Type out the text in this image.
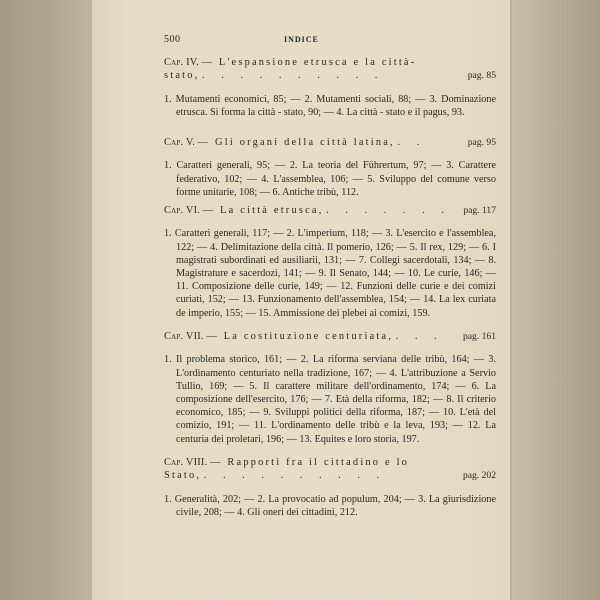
500	INDICE
Cap. IV. — L'espansione etrusca e la città-
stato, . . . . . . . . . .	pag. 85
1. Mutamenti economici, 85; — 2. Mutamenti sociali, 88; — 3. Dominazione etrusca. Si forma la città - stato, 90; — 4. La città - stato e il pagus, 93.
Cap. V. — Gli organi della città latina, . .	pag. 95
1. Caratteri generali, 95; — 2. La teoria del Führertum, 97; — 3. Carattere federativo, 102; — 4. L'assemblea, 106; — 5. Sviluppo del comune verso forme unitarie, 108; — 6. Antiche tribù, 112.
Cap. VI. — La città etrusca, . . . . . . . pag. 117
1. Caratteri generali, 117; — 2. L'imperium, 118; — 3. L'esercito e l'assemblea, 122; — 4. Delimitazione della città. Il pomerio, 126; — 5. Il rex, 129; — 6. I magistrati subordinati ed ausiliarii, 131; — 7. Collegi sacerdotali, 134; — 8. Magistrature e sacerdozi, 141; — 9. Il Senato, 144; — 10. Le curie, 146; — 11. Composizione delle curie, 149; — 12. Funzioni delle curie e dei comizi curiati, 152; — 13. Funzionamento dell'assemblea, 154; — 14. La lex curiata de imperio, 155; — 15. Ammissione dei plebei ai comizi, 159.
Cap. VII. — La costituzione centuriata, . . . pag. 161
1. Il problema storico, 161; — 2. La riforma serviana delle tribù, 164; — 3. L'ordinamento centuriato nella tradizione, 167; — 4. L'attribuzione a Servio Tullio, 169; — 5. Il carattere militare dell'ordinamento, 174; — 6. La composizione dell'esercito, 176; — 7. Età della riforma, 182; — 8. Il criterio economico, 185; — 9. Sviluppi politici della riforma, 187; — 10. L'età del comizio, 191; — 11. L'ordinamento delle tribù e la leva, 193; — 12. La centuria dei proletari, 196; — 13. Equites e loro storia, 197.
Cap. VIII. — Rapporti fra il cittadino e lo
Stato, . . . . . . . . . .	pag. 202
1. Generalità, 202; — 2. La provocatio ad populum, 204; — 3. La giurisdizione civile, 208; — 4. Gli oneri dei cittadini, 212.
